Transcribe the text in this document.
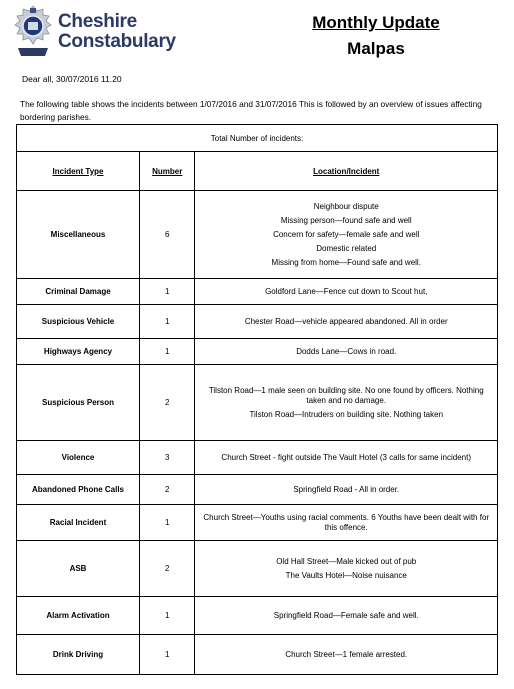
Cheshire
Constabulary
Monthly Update
Malpas
Dear all, 30/07/2016 11.20
The following table shows the incidents between 1/07/2016 and 31/07/2016 This is followed by an overview of issues affecting bordering parishes.
Total Number of incidents:		
Incident Type	Number	Location/Incident
Miscellaneous	6	Neighbour dispute
Missing person—found safe and well
Concern for safety—female safe and well
Domestic related
Missing from home—Found safe and well.

Criminal Damage	1	Goldford Lane—Fence cut down to Scout hut,

Suspicious Vehicle	1	Chester Road—vehicle appeared abandoned. All in order

Highways Agency	1	Dodds Lane—Cows in road.

Suspicious Person	2	Tilston Road—1 male seen on building site. No one found by officers. Nothing taken and no damage.
Tilston Road—Intruders on building site. Nothing taken

Violence	3	Church Street - fight outside The Vault Hotel (3 calls for same incident)

Abandoned Phone Calls	2	Springfield Road - All in order.

Racial Incident	1	Church Street—Youths using racial comments. 6 Youths have been dealt with for this offence.

ASB	2	Old Hall Street—Male kicked out of pub
The Vaults Hotel—Noise nuisance

Alarm Activation	1	Springfield Road—Female safe and well.

Drink Driving	1	Church Street—1 female arrested.
